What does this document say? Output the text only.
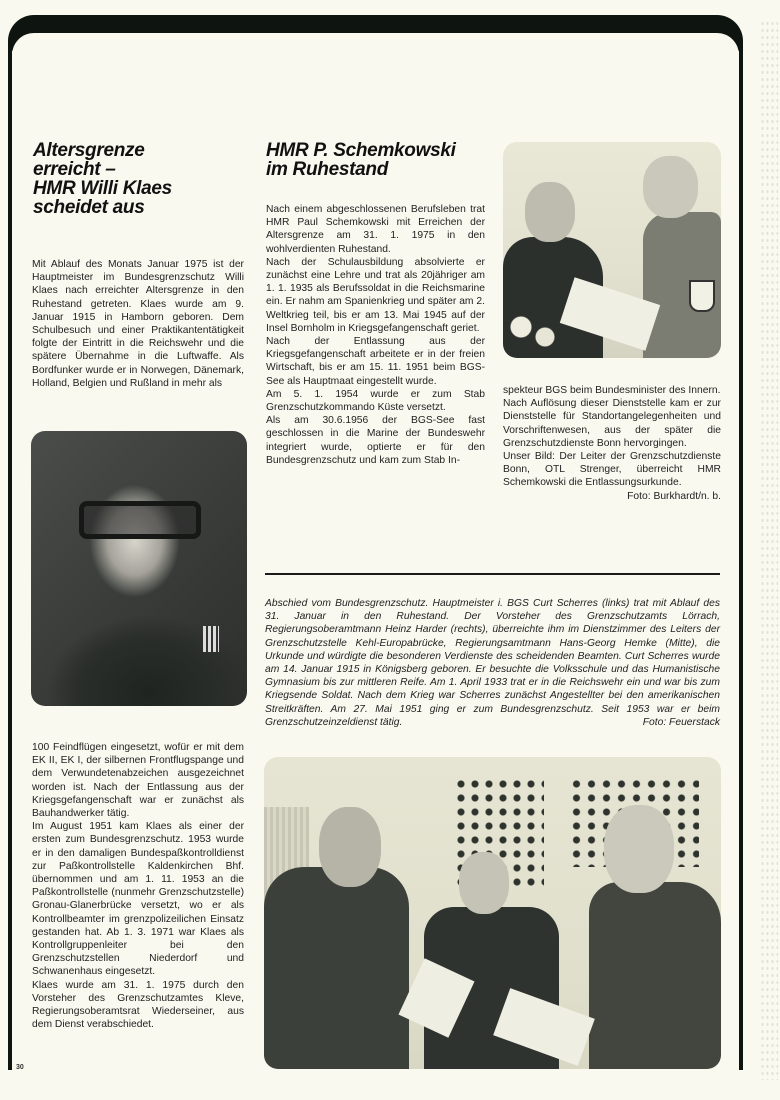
Altersgrenze
erreicht –
HMR Willi Klaes
scheidet aus

Mit Ablauf des Monats Januar 1975 ist der Hauptmeister im Bundesgrenzschutz Willi Klaes nach erreichter Altersgrenze in den Ruhestand getreten. Klaes wurde am 9. Januar 1915 in Hamborn geboren. Dem Schulbesuch und einer Praktikantentätigkeit folgte der Eintritt in die Reichswehr und die spätere Übernahme in die Luftwaffe. Als Bordfunker wurde er in Norwegen, Dänemark, Holland, Belgien und Rußland in mehr als

100 Feindflügen eingesetzt, wofür er mit dem EK II, EK I, der silbernen Frontflugspange und dem Verwundetenabzeichen ausgezeichnet worden ist. Nach der Entlassung aus der Kriegsgefangenschaft war er zunächst als Bauhandwerker tätig.

Im August 1951 kam Klaes als einer der ersten zum Bundesgrenzschutz. 1953 wurde er in den damaligen Bundespaßkontrolldienst zur Paßkontrollstelle Kaldenkirchen Bhf. übernommen und am 1. 11. 1953 an die Paßkontrollstelle (nunmehr Grenzschutzstelle) Gronau-Glanerbrücke versetzt, wo er als Kontrollbeamter im grenzpolizeilichen Einsatz gestanden hat. Ab 1. 3. 1971 war Klaes als Kontrollgruppenleiter bei den Grenzschutzstellen Niederdorf und Schwanenhaus eingesetzt.

Klaes wurde am 31. 1. 1975 durch den Vorsteher des Grenzschutzamtes Kleve, Regierungsoberamtsrat Wiederseiner, aus dem Dienst verabschiedet.

30
HMR P. Schemkowski
im Ruhestand

Nach einem abgeschlossenen Berufsleben trat HMR Paul Schemkowski mit Erreichen der Altersgrenze am 31. 1. 1975 in den wohlverdienten Ruhestand.

Nach der Schulausbildung absolvierte er zunächst eine Lehre und trat als 20jähriger am 1. 1. 1935 als Berufssoldat in die Reichsmarine ein. Er nahm am Spanienkrieg und später am 2. Weltkrieg teil, bis er am 13. Mai 1945 auf der Insel Bornholm in Kriegsgefangenschaft geriet.

Nach der Entlassung aus der Kriegsgefangenschaft arbeitete er in der freien Wirtschaft, bis er am 15. 11. 1951 beim BGS-See als Hauptmaat eingestellt wurde.

Am 5. 1. 1954 wurde er zum Stab Grenzschutzkommando Küste versetzt.

Als am 30.6.1956 der BGS-See fast geschlossen in die Marine der Bundeswehr integriert wurde, optierte er für den Bundesgrenzschutz und kam zum Stab In-

spekteur BGS beim Bundesminister des Innern.

Nach Auflösung dieser Dienststelle kam er zur Dienststelle für Standortangelegenheiten und Vorschriftenwesen, aus der später die Grenzschutzdienste Bonn hervorgingen.

Unser Bild: Der Leiter der Grenzschutzdienste Bonn, OTL Strenger, überreicht HMR Schemkowski die Entlassungsurkunde.
Foto: Burkhardt/n. b.

Abschied vom Bundesgrenzschutz. Hauptmeister i. BGS Curt Scherres (links) trat mit Ablauf des 31. Januar in den Ruhestand. Der Vorsteher des Grenzschutzamts Lörrach, Regierungsoberamtmann Heinz Harder (rechts), überreichte ihm im Dienstzimmer des Leiters der Grenzschutzstelle Kehl-Europabrücke, Regierungsamtmann Hans-Georg Hemke (Mitte), die Urkunde und würdigte die besonderen Verdienste des scheidenden Beamten. Curt Scherres wurde am 14. Januar 1915 in Königsberg geboren. Er besuchte die Volksschule und das Humanistische Gymnasium bis zur mittleren Reife. Am 1. April 1933 trat er in die Reichswehr ein und war bis zum Kriegsende Soldat. Nach dem Krieg war Scherres zunächst Angestellter bei den amerikanischen Streitkräften. Am 27. Mai 1951 ging er zum Bundesgrenzschutz. Seit 1953 war er beim Grenzschutzeinzeldienst tätig.	Foto: Feuerstack
